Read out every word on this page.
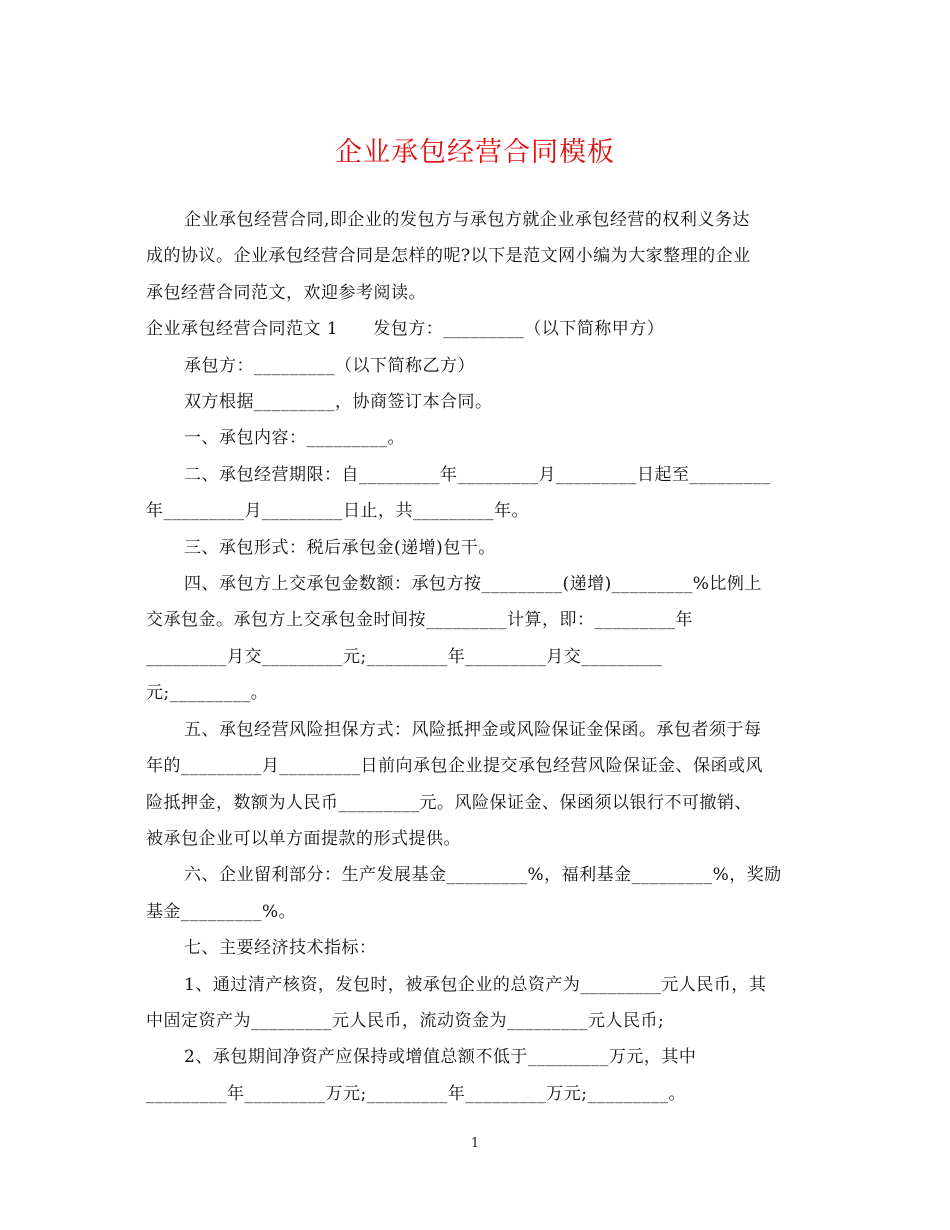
企业承包经营合同模板

企业承包经营合同,即企业的发包方与承包方就企业承包经营的权利义务达

成的协议。企业承包经营合同是怎样的呢?以下是范文网小编为大家整理的企业

承包经营合同范文，欢迎参考阅读。

企业承包经营合同范文 1　　发包方：_________（以下简称甲方）

承包方：_________（以下简称乙方）

双方根据_________，协商签订本合同。

一、承包内容：_________。

二、承包经营期限：自_________年_________月_________日起至_________

年_________月_________日止，共_________年。

三、承包形式：税后承包金(递增)包干。

四、承包方上交承包金数额：承包方按_________(递增)_________%比例上

交承包金。承包方上交承包金时间按_________计算，即：_________年

_________月交_________元;_________年_________月交_________

元;_________。

五、承包经营风险担保方式：风险抵押金或风险保证金保函。承包者须于每

年的_________月_________日前向承包企业提交承包经营风险保证金、保函或风

险抵押金，数额为人民币_________元。风险保证金、保函须以银行不可撤销、

被承包企业可以单方面提款的形式提供。

六、企业留利部分：生产发展基金_________%，福利基金_________%，奖励

基金_________%。

七、主要经济技术指标：

1、通过清产核资，发包时，被承包企业的总资产为_________元人民币，其

中固定资产为_________元人民币，流动资金为_________元人民币;

2、承包期间净资产应保持或增值总额不低于_________万元，其中

_________年_________万元;_________年_________万元;_________。

1
